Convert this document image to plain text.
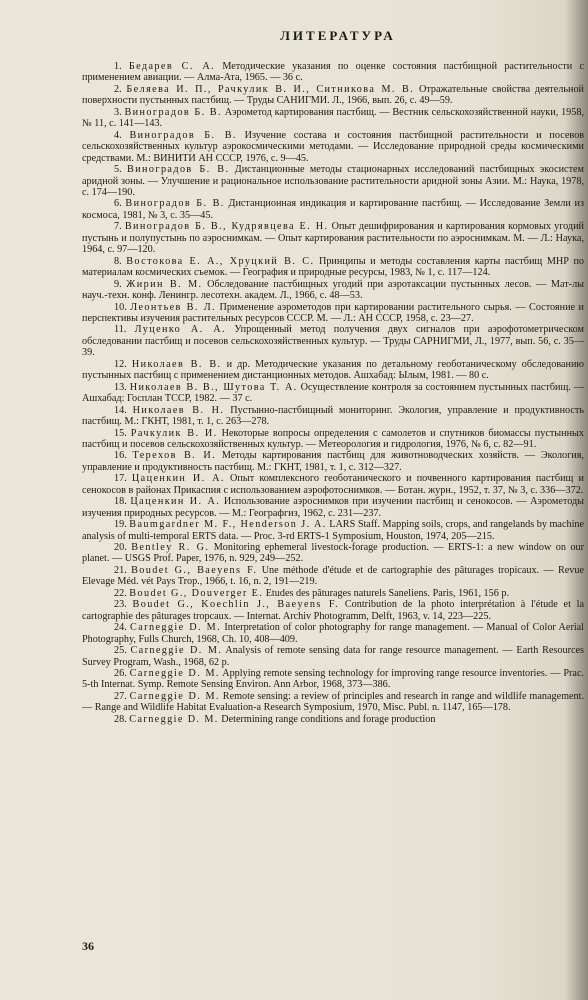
ЛИТЕРАТУРА

1. Бедарев С. А. Методические указания по оценке состояния пастбищной растительности с применением авиации. — Алма-Ата, 1965. — 36 с.

2. Беляева И. П., Рачкулик В. И., Ситникова М. В. Отражательные свойства деятельной поверхности пустынных пастбищ. — Труды САНИГМИ. Л., 1966, вып. 26, с. 49—59.

3. Виноградов Б. В. Аэрометод картирования пастбищ. — Вестник сельскохозяйственной науки, 1958, № 11, с. 141—143.

4. Виноградов Б. В. Изучение состава и состояния пастбищной растительности и посевов сельскохозяйственных культур аэрокосмическими методами. — Исследование природной среды космическими средствами. М.: ВИНИТИ АН СССР, 1976, с. 9—45.

5. Виноградов Б. В. Дистанционные методы стационарных исследований пастбищных экосистем аридной зоны. — Улучшение и рациональное использование растительности аридной зоны Азии. М.: Наука, 1978, с. 174—190.

6. Виноградов Б. В. Дистанционная индикация и картирование пастбищ. — Исследование Земли из космоса, 1981, № 3, с. 35—45.

7. Виноградов Б. В., Кудрявцева Е. Н. Опыт дешифрирования и картирования кормовых угодий пустынь и полупустынь по аэроснимкам. — Опыт картирования растительности по аэроснимкам. М. — Л.: Наука, 1964, с. 97—120.

8. Востокова Е. А., Хруцкий В. С. Принципы и методы составления карты пастбищ МНР по материалам космических съемок. — География и природные ресурсы, 1983, № 1, с. 117—124.

9. Жирин В. М. Обследование пастбищных угодий при аэротаксации пустынных лесов. — Мат-лы науч.-техн. конф. Ленингр. лесотехн. академ. Л., 1966, с. 48—53.

10. Леонтьев В. Л. Применение аэрометодов при картировании растительного сырья. — Состояние и перспективы изучения растительных ресурсов СССР. М. — Л.: АН СССР, 1958, с. 23—27.

11. Луценко А. А. Упрощенный метод получения двух сигналов при аэрофотометрическом обследовании пастбищ и посевов сельскохозяйственных культур. — Труды САРНИГМИ, Л., 1977, вып. 56, с. 35—39.

12. Николаев В. В. и др. Методические указания по детальному геоботаническому обследованию пустынных пастбищ с применением дистанционных методов. Ашхабад: Ылым, 1981. — 80 с.

13. Николаев В. В., Шутова Т. А. Осуществление контроля за состоянием пустынных пастбищ. — Ашхабад: Госплан ТССР, 1982. — 37 с.

14. Николаев В. Н. Пустынно-пастбищный мониторинг. Экология, управление и продуктивность пастбищ. М.: ГКНТ, 1981, т. 1, с. 263—278.

15. Рачкулик В. И. Некоторые вопросы определения с самолетов и спутников биомассы пустынных пастбищ и посевов сельскохозяйственных культур. — Метеорология и гидрология, 1976, № 6, с. 82—91.

16. Терехов В. И. Методы картирования пастбищ для животноводческих хозяйств. — Экология, управление и продуктивность пастбищ. М.: ГКНТ, 1981, т. 1, с. 312—327.

17. Цаценкин И. А. Опыт комплексного геоботанического и почвенного картирования пастбищ и сенокосов в районах Прикаспия с использованием аэрофотоснимков. — Ботан. журн., 1952, т. 37, № 3, с. 336—372.

18. Цаценкин И. А. Использование аэроснимков при изучении пастбищ и сенокосов. — Аэрометоды изучения природных ресурсов. — М.: Географгиз, 1962, с. 231—237.

19. Baumgardner M. F., Henderson J. A. LARS Staff. Mapping soils, crops, and rangelands by machine analysis of multi-temporal ERTS data. — Proc. 3-rd ERTS-1 Symposium, Houston, 1974, 205—215.

20. Bentley R. G. Monitoring ephemeral livestock-forage production. — ERTS-1: a new window on our planet. — USGS Prof. Paper, 1976, n. 929, 249—252.

21. Boudet G., Baeyens F. Une méthode d'étude et de cartographie des pâturages tropicaux. — Revue Elevage Méd. vét Pays Trop., 1966, t. 16, n. 2, 191—219.

22. Boudet G., Douverger E. Etudes des pâturages naturels Saneliens. Paris, 1961, 156 p.

23. Boudet G., Koechlin J., Baeyens F. Contribution de la photo interprétation à l'étude et la cartographie des pâturages tropcaux. — Internat. Archiv Photogramm, Delft, 1963, v. 14, 223—225.

24. Carneggie D. M. Interpretation of color photography for range management. — Manual of Color Aerial Photography, Fulls Church, 1968, Ch. 10, 408—409.

25. Carneggie D. M. Analysis of remote sensing data for range resource management. — Earth Resources Survey Program, Wash., 1968, 62 p.

26. Carneggie D. M. Applying remote sensing technology for improving range resource inventories. — Prac. 5-th Internat. Symp. Remote Sensing Environ. Ann Arbor, 1968, 373—386.

27. Carneggie D. M. Remote sensing: a review of principles and research in range and wildlife management. — Range and Wildlife Habitat Evaluation-a Research Symposium, 1970, Misc. Publ. n. 1147, 165—178.

28. Carneggie D. M. Determining range conditions and forage production

36
